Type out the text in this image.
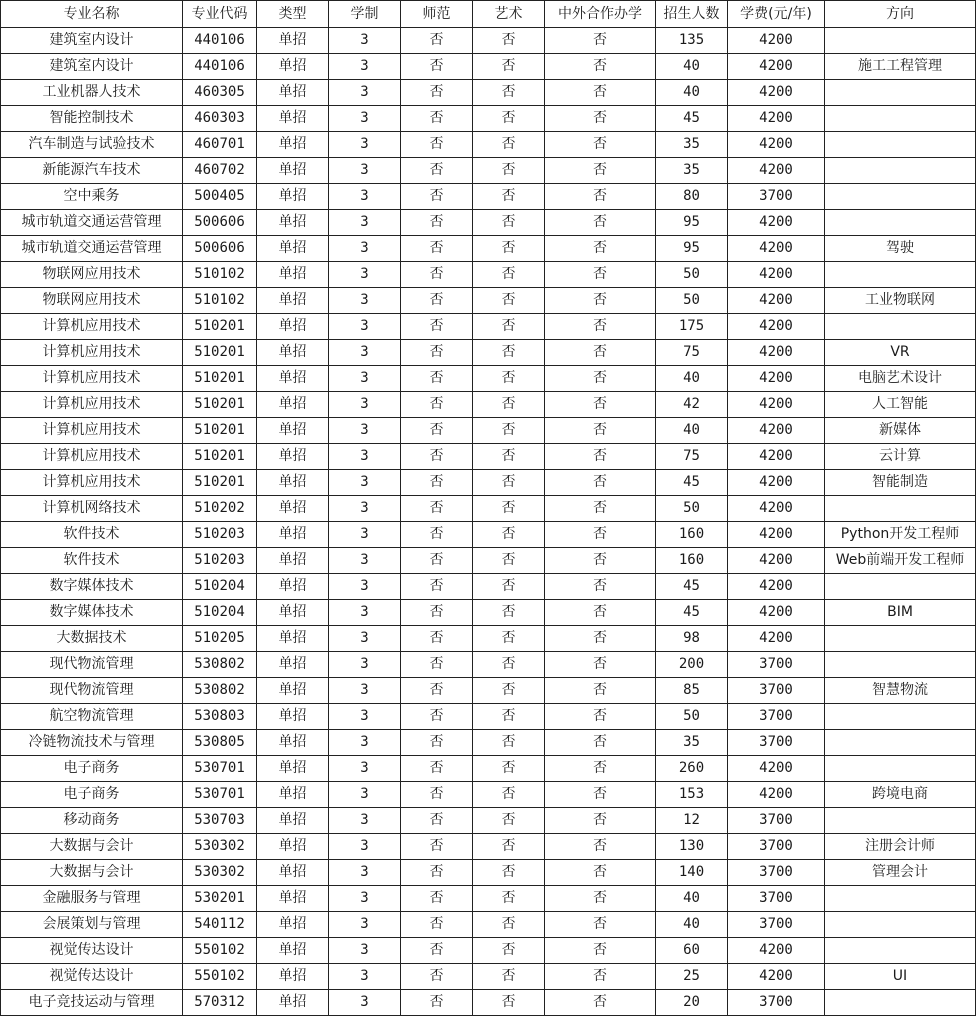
专业名称	专业代码	类型	学制	师范	艺术	中外合作办学	招生人数	学费(元/年)	方向
建筑室内设计	440106	单招	3	否	否	否	135	4200	
建筑室内设计	440106	单招	3	否	否	否	40	4200	施工工程管理
工业机器人技术	460305	单招	3	否	否	否	40	4200	
智能控制技术	460303	单招	3	否	否	否	45	4200	
汽车制造与试验技术	460701	单招	3	否	否	否	35	4200	
新能源汽车技术	460702	单招	3	否	否	否	35	4200	
空中乘务	500405	单招	3	否	否	否	80	3700	
城市轨道交通运营管理	500606	单招	3	否	否	否	95	4200	
城市轨道交通运营管理	500606	单招	3	否	否	否	95	4200	驾驶
物联网应用技术	510102	单招	3	否	否	否	50	4200	
物联网应用技术	510102	单招	3	否	否	否	50	4200	工业物联网
计算机应用技术	510201	单招	3	否	否	否	175	4200	
计算机应用技术	510201	单招	3	否	否	否	75	4200	VR
计算机应用技术	510201	单招	3	否	否	否	40	4200	电脑艺术设计
计算机应用技术	510201	单招	3	否	否	否	42	4200	人工智能
计算机应用技术	510201	单招	3	否	否	否	40	4200	新媒体
计算机应用技术	510201	单招	3	否	否	否	75	4200	云计算
计算机应用技术	510201	单招	3	否	否	否	45	4200	智能制造
计算机网络技术	510202	单招	3	否	否	否	50	4200	
软件技术	510203	单招	3	否	否	否	160	4200	Python开发工程师
软件技术	510203	单招	3	否	否	否	160	4200	Web前端开发工程师
数字媒体技术	510204	单招	3	否	否	否	45	4200	
数字媒体技术	510204	单招	3	否	否	否	45	4200	BIM
大数据技术	510205	单招	3	否	否	否	98	4200	
现代物流管理	530802	单招	3	否	否	否	200	3700	
现代物流管理	530802	单招	3	否	否	否	85	3700	智慧物流
航空物流管理	530803	单招	3	否	否	否	50	3700	
冷链物流技术与管理	530805	单招	3	否	否	否	35	3700	
电子商务	530701	单招	3	否	否	否	260	4200	
电子商务	530701	单招	3	否	否	否	153	4200	跨境电商
移动商务	530703	单招	3	否	否	否	12	3700	
大数据与会计	530302	单招	3	否	否	否	130	3700	注册会计师
大数据与会计	530302	单招	3	否	否	否	140	3700	管理会计
金融服务与管理	530201	单招	3	否	否	否	40	3700	
会展策划与管理	540112	单招	3	否	否	否	40	3700	
视觉传达设计	550102	单招	3	否	否	否	60	4200	
视觉传达设计	550102	单招	3	否	否	否	25	4200	UI
电子竞技运动与管理	570312	单招	3	否	否	否	20	3700	
